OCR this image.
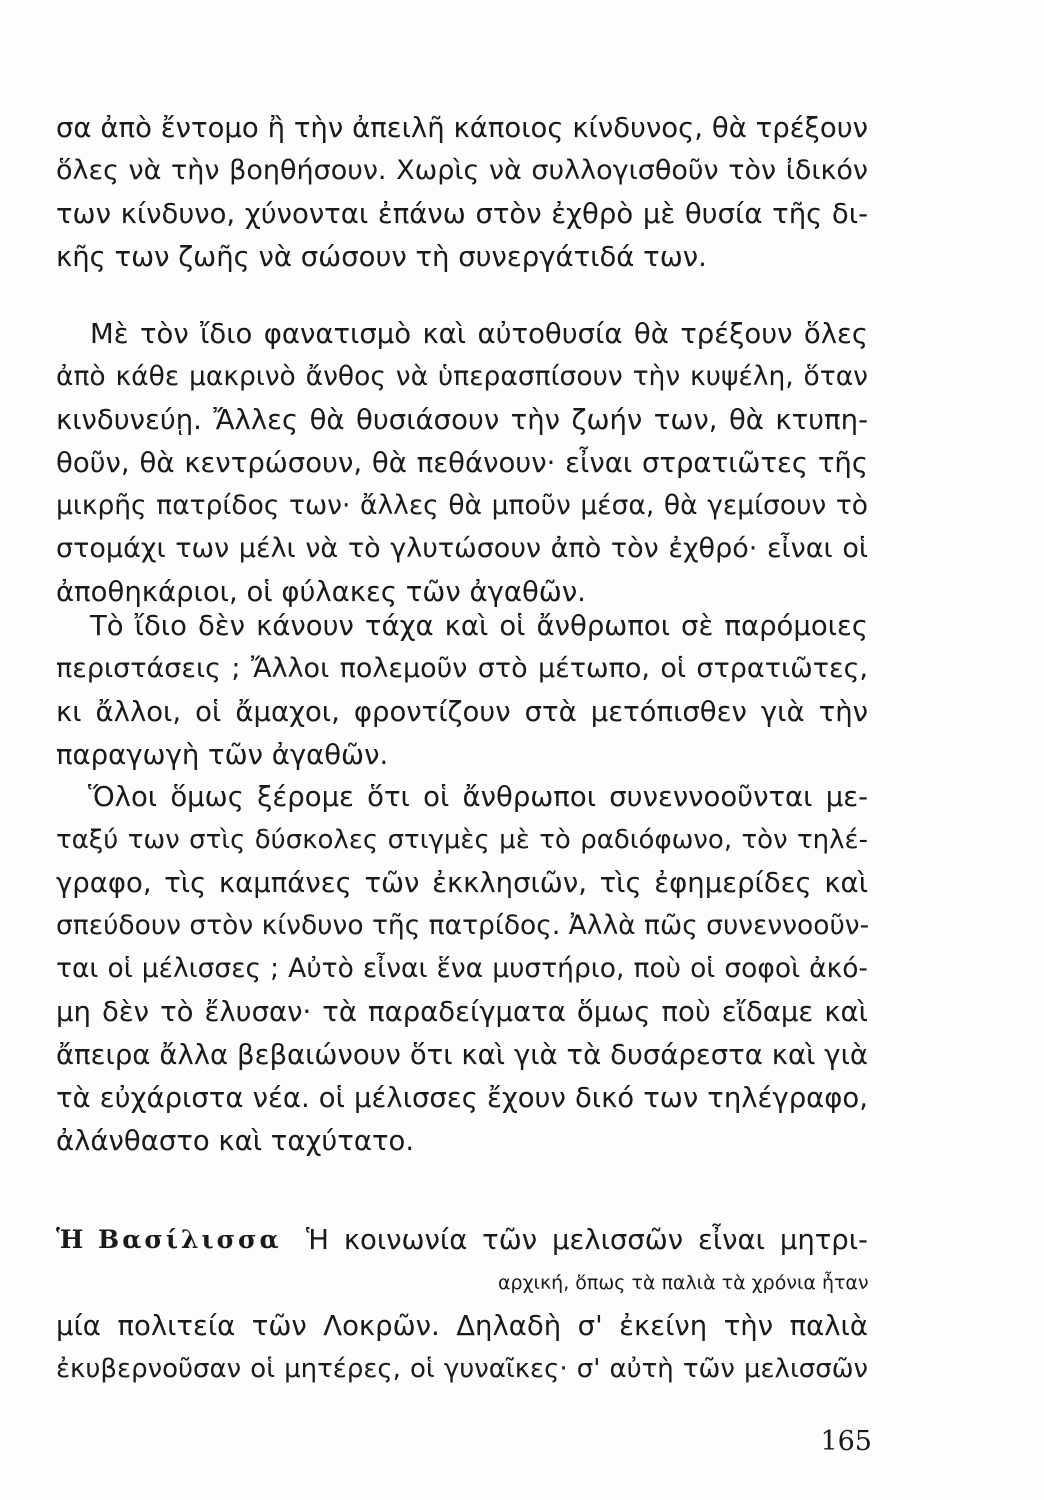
σα ἀπὸ ἔντομο ἢ τὴν ἀπειλῆ κάποιος κίνδυνος, θὰ τρέξουν
ὅλες νὰ τὴν βοηθήσουν. Χωρὶς νὰ συλλογισθοῦν τὸν ἰδικόν
των κίνδυνο, χύνονται ἐπάνω στὸν ἐχθρὸ μὲ θυσία τῆς δι-
κῆς των ζωῆς νὰ σώσουν τὴ συνεργάτιδά των.
Μὲ τὸν ἴδιο φανατισμὸ καὶ αὐτοθυσία θὰ τρέξουν ὅλες
ἀπὸ κάθε μακρινὸ ἄνθος νὰ ὑπερασπίσουν τὴν κυψέλη, ὅταν
κινδυνεύῃ. Ἄλλες θὰ θυσιάσουν τὴν ζωήν των, θὰ κτυπη-
θοῦν, θὰ κεντρώσουν, θὰ πεθάνουν· εἶναι στρατιῶτες τῆς
μικρῆς πατρίδος των· ἄλλες θὰ μποῦν μέσα, θὰ γεμίσουν τὸ
στομάχι των μέλι νὰ τὸ γλυτώσουν ἀπὸ τὸν ἐχθρό· εἶναι οἱ
ἀποθηκάριοι, οἱ φύλακες τῶν ἀγαθῶν.
Τὸ ἴδιο δὲν κάνουν τάχα καὶ οἱ ἄνθρωποι σὲ παρόμοιες
περιστάσεις ; Ἄλλοι πολεμοῦν στὸ μέτωπο, οἱ στρατιῶτες,
κι ἄλλοι, οἱ ἄμαχοι, φροντίζουν στὰ μετόπισθεν γιὰ τὴν
παραγωγὴ τῶν ἀγαθῶν.
Ὅλοι ὅμως ξέρομε ὅτι οἱ ἄνθρωποι συνεννοοῦνται με-
ταξύ των στὶς δύσκολες στιγμὲς μὲ τὸ ραδιόφωνο, τὸν τηλέ-
γραφο, τὶς καμπάνες τῶν ἐκκλησιῶν, τὶς ἐφημερίδες καὶ
σπεύδουν στὸν κίνδυνο τῆς πατρίδος. Ἀλλὰ πῶς συνεννοοῦν-
ται οἱ μέλισσες ; Αὐτὸ εἶναι ἕνα μυστήριο, ποὺ οἱ σοφοὶ ἀκό-
μη δὲν τὸ ἔλυσαν· τὰ παραδείγματα ὅμως ποὺ εἴδαμε καὶ
ἄπειρα ἄλλα βεβαιώνουν ὅτι καὶ γιὰ τὰ δυσάρεστα καὶ γιὰ
τὰ εὐχάριστα νέα. οἱ μέλισσες ἔχουν δικό των τηλέγραφο,
ἀλάνθαστο καὶ ταχύτατο.
Ἡ Βασίλισσα Ἡ κοινωνία τῶν μελισσῶν εἶναι μητρι-
αρχική, ὅπως τὰ παλιὰ τὰ χρόνια ἦταν
μία πολιτεία τῶν Λοκρῶν. Δηλαδὴ σ' ἐκείνη τὴν παλιὰ
ἐκυβερνοῦσαν οἱ μητέρες, οἱ γυναῖκες· σ' αὐτὴ τῶν μελισσῶν
165
